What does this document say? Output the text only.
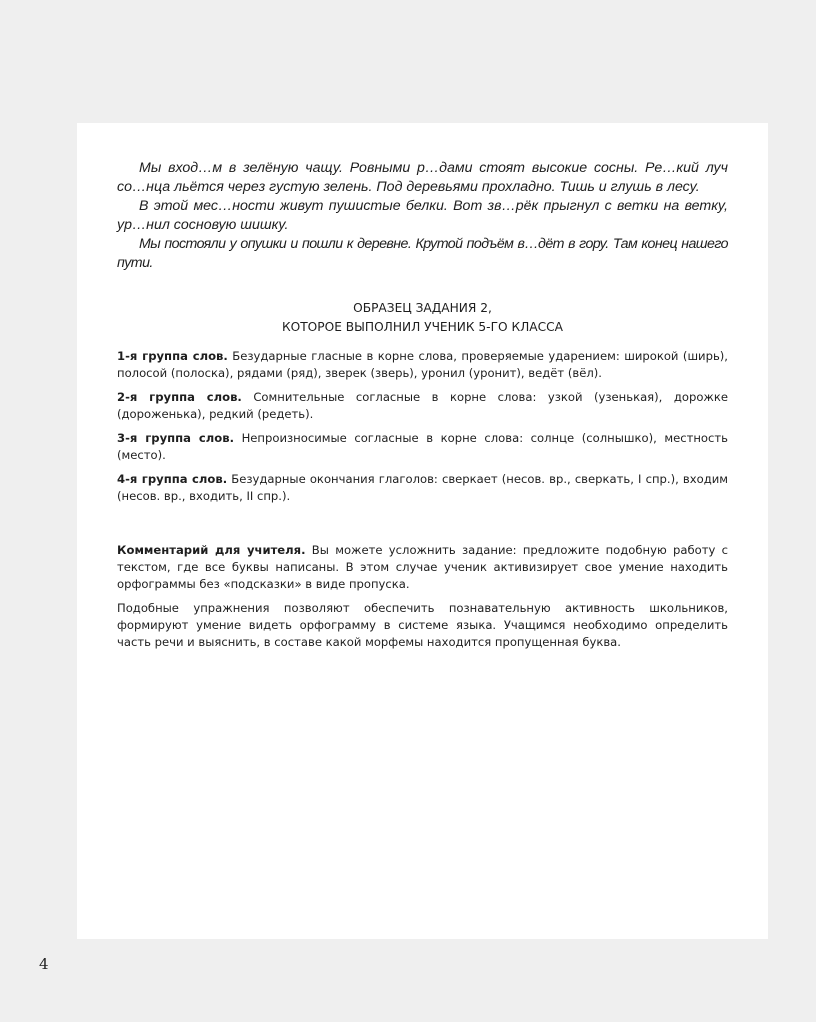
Мы вход…м в зелёную чащу. Ровными р…дами стоят высокие сосны. Ре…кий луч со…нца льётся через густую зелень. Под деревьями прохладно. Тишь и глушь в лесу.

В этой мес…ности живут пушистые белки. Вот зв…рёк прыгнул с ветки на ветку, ур…нил сосновую шишку.

Мы постояли у опушки и пошли к деревне. Крутой подъём в…дёт в гору. Там конец нашего пути.

ОБРАЗЕЦ ЗАДАНИЯ 2,
КОТОРОЕ ВЫПОЛНИЛ УЧЕНИК 5-ГО КЛАССА

1-я группа слов. Безударные гласные в корне слова, проверяемые ударением: широкой (ширь), полосой (полоска), рядами (ряд), зверек (зверь), уронил (уронит), ведёт (вёл).

2-я группа слов. Сомнительные согласные в корне слова: узкой (узенькая), дорожке (дороженька), редкий (редеть).

3-я группа слов. Непроизносимые согласные в корне слова: солнце (солнышко), местность (место).

4-я группа слов. Безударные окончания глаголов: сверкает (несов. вр., сверкать, I спр.), входим (несов. вр., входить, II спр.).

Комментарий для учителя. Вы можете усложнить задание: предложите подобную работу с текстом, где все буквы написаны. В этом случае ученик активизирует свое умение находить орфограммы без «подсказки» в виде пропуска.

Подобные упражнения позволяют обеспечить познавательную активность школьников, формируют умение видеть орфограмму в системе языка. Учащимся необходимо определить часть речи и выяснить, в составе какой морфемы находится пропущенная буква.

4
